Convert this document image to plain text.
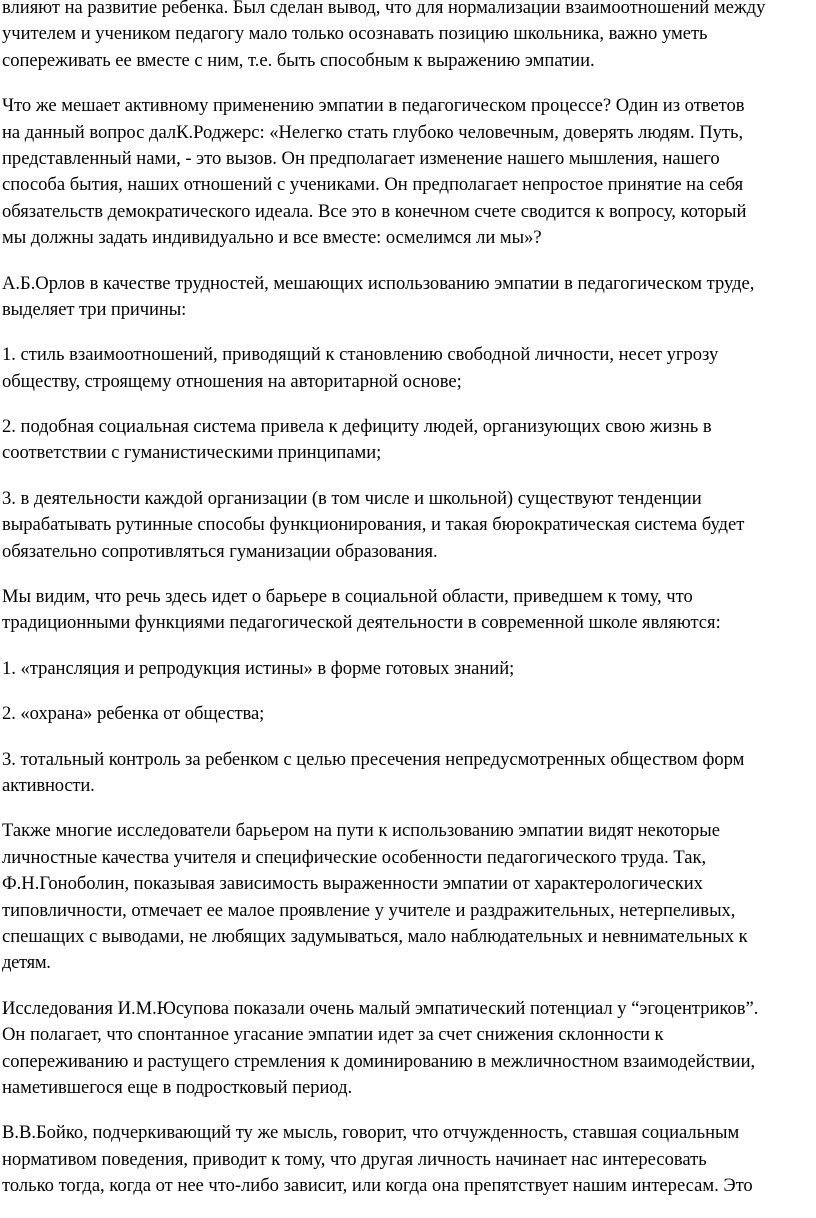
влияют на развитие ребенка. Был сделан вывод, что для нормализации взаимоотношений между
учителем и учеником педагогу мало только осознавать позицию школьника, важно уметь
сопереживать ее вместе с ним, т.е. быть способным к выражению эмпатии.

Что же мешает активному применению эмпатии в педагогическом процессе? Один из ответов
на данный вопрос далК.Роджерс: «Нелегко стать глубоко человечным, доверять людям. Путь,
представленный нами, - это вызов. Он предполагает изменение нашего мышления, нашего
способа бытия, наших отношений с учениками. Он предполагает непростое принятие на себя
обязательств демократического идеала. Все это в конечном счете сводится к вопросу, который
мы должны задать индивидуально и все вместе: осмелимся ли мы»?

А.Б.Орлов в качестве трудностей, мешающих использованию эмпатии в педагогическом труде,
выделяет три причины:

1. стиль взаимоотношений, приводящий к становлению свободной личности, несет угрозу
обществу, строящему отношения на авторитарной основе;

2. подобная социальная система привела к дефициту людей, организующих свою жизнь в
соответствии с гуманистическими принципами;

3. в деятельности каждой организации (в том числе и школьной) существуют тенденции
вырабатывать рутинные способы функционирования, и такая бюрократическая система будет
обязательно сопротивляться гуманизации образования.

Мы видим, что речь здесь идет о барьере в социальной области, приведшем к тому, что
традиционными функциями педагогической деятельности в современной школе являются:

1. «трансляция и репродукция истины» в форме готовых знаний;

2. «охрана» ребенка от общества;

3. тотальный контроль за ребенком с целью пресечения непредусмотренных обществом форм
активности.

Также многие исследователи барьером на пути к использованию эмпатии видят некоторые
личностные качества учителя и специфические особенности педагогического труда. Так,
Ф.Н.Гоноболин, показывая зависимость выраженности эмпатии от характерологических
типовличности, отмечает ее малое проявление у учителе и раздражительных, нетерпеливых,
спешащих с выводами, не любящих задумываться, мало наблюдательных и невнимательных к
детям.

Исследования И.М.Юсупова показали очень малый эмпатический потенциал у “эгоцентриков”.
Он полагает, что спонтанное угасание эмпатии идет за счет снижения склонности к
сопереживанию и растущего стремления к доминированию в межличностном взаимодействии,
наметившегося еще в подростковый период.

В.В.Бойко, подчеркивающий ту же мысль, говорит, что отчужденность, ставшая социальным
нормативом поведения, приводит к тому, что другая личность начинает нас интересовать
только тогда, когда от нее что-либо зависит, или когда она препятствует нашим интересам. Это
